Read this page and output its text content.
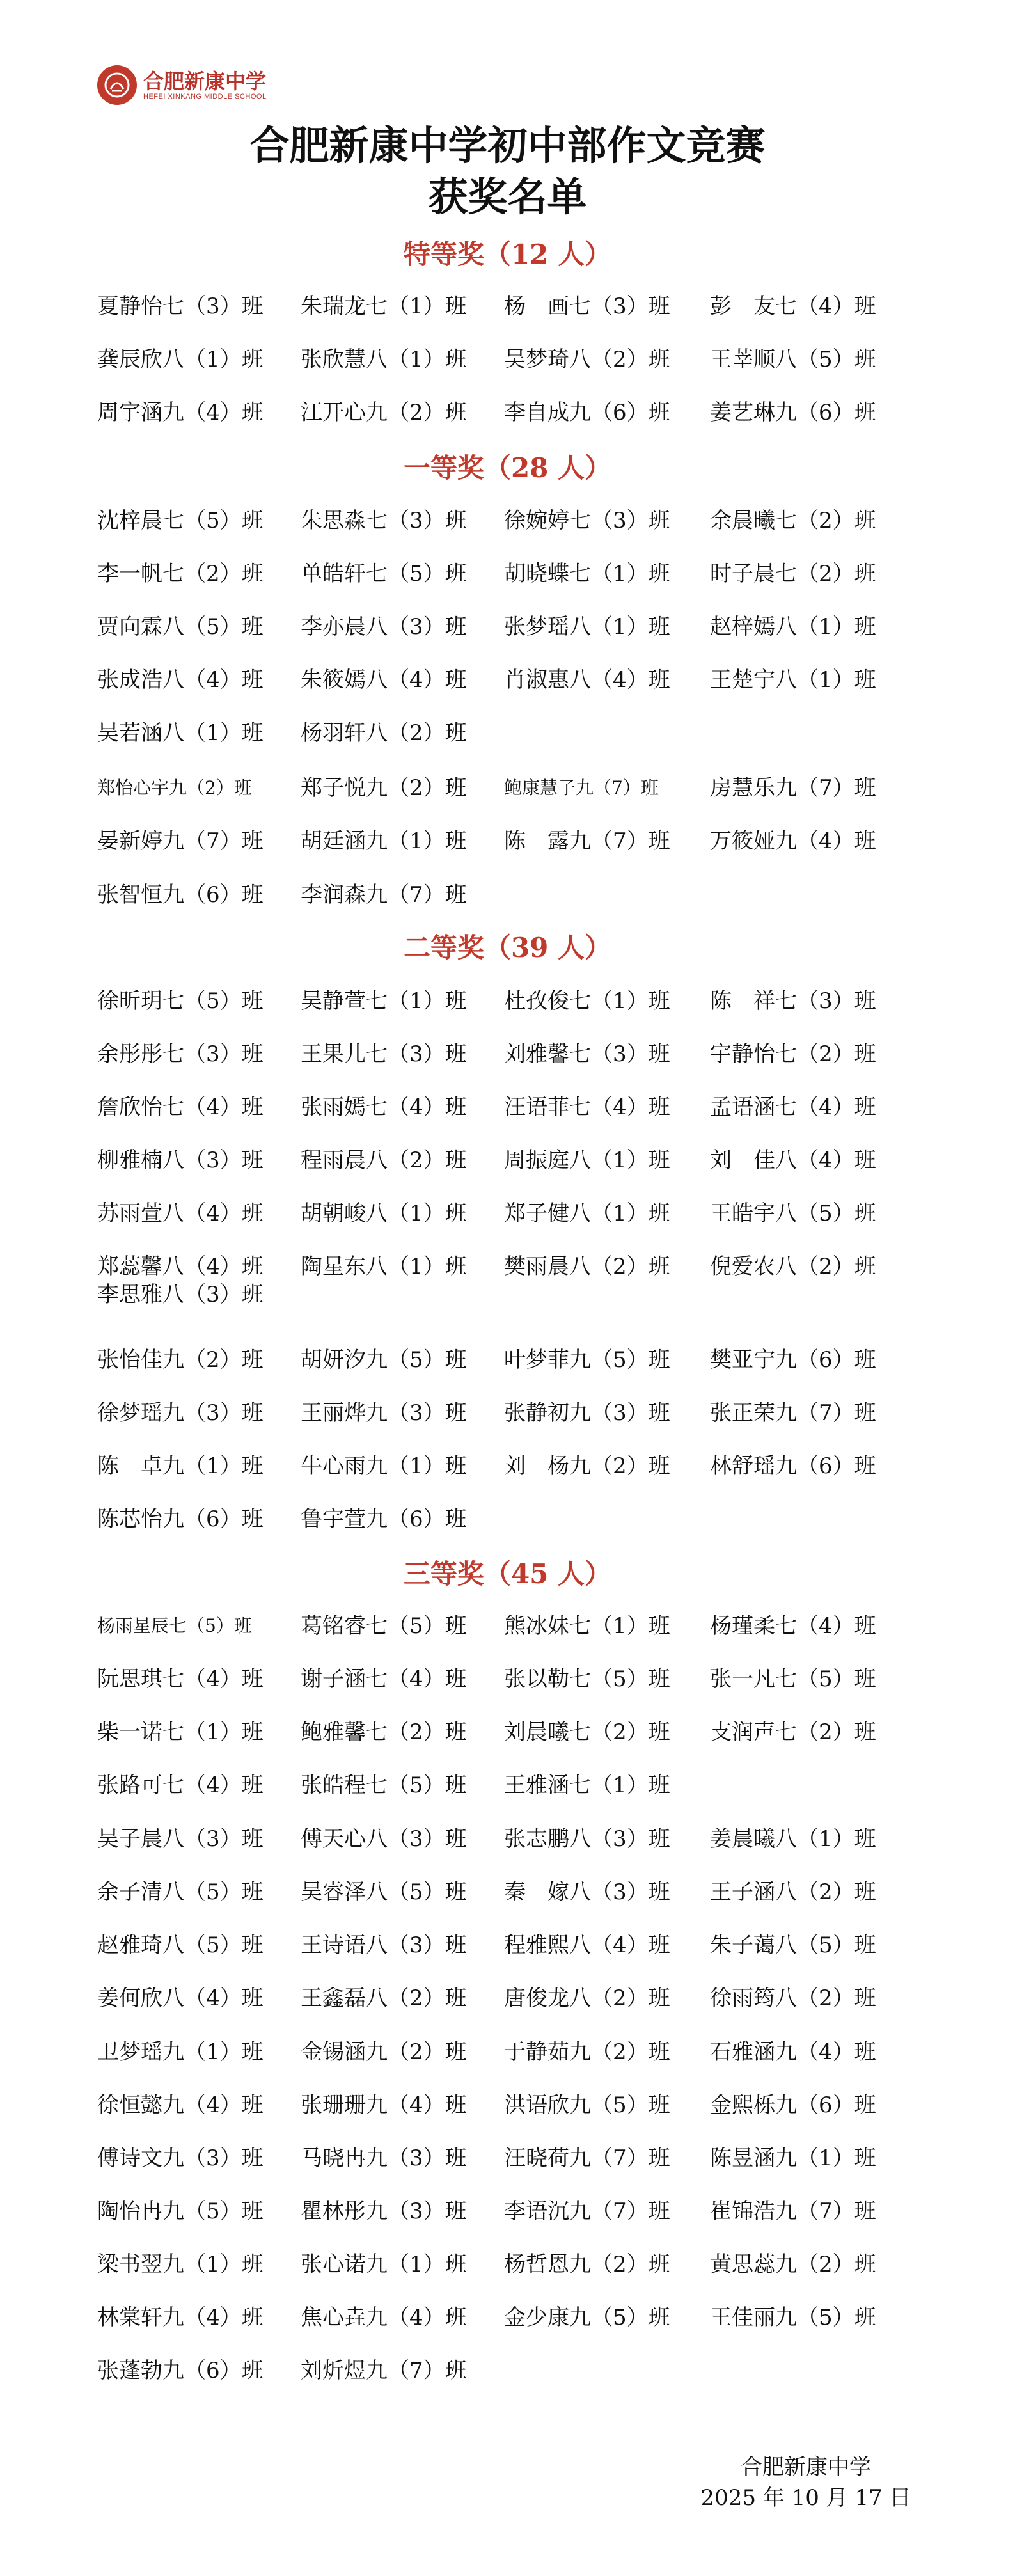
合肥新康中学
HEFEI XINKANG MIDDLE SCHOOL
合肥新康中学初中部作文竞赛
获奖名单
特等奖（12 人）
夏静怡七（3）班 朱瑞龙七（1）班 杨　画七（3）班 彭　友七（4）班
龚辰欣八（1）班 张欣慧八（1）班 吴梦琦八（2）班 王莘顺八（5）班
周宇涵九（4）班 江开心九（2）班 李自成九（6）班 姜艺琳九（6）班
一等奖（28 人）
沈梓晨七（5）班 朱思淼七（3）班 徐婉婷七（3）班 余晨曦七（2）班
李一帆七（2）班 单皓轩七（5）班 胡晓蝶七（1）班 时子晨七（2）班
贾向霖八（5）班 李亦晨八（3）班 张梦瑶八（1）班 赵梓嫣八（1）班
张成浩八（4）班 朱筱嫣八（4）班 肖淑惠八（4）班 王楚宁八（1）班
吴若涵八（1）班 杨羽轩八（2）班
郑怡心宇九（2）班 郑子悦九（2）班 鲍康慧子九（7）班 房慧乐九（7）班
晏新婷九（7）班 胡廷涵九（1）班 陈　露九（7）班 万筱娅九（4）班
张智恒九（6）班 李润森九（7）班
二等奖（39 人）
徐昕玥七（5）班 吴静萱七（1）班 杜孜俊七（1）班 陈　祥七（3）班
余彤彤七（3）班 王果儿七（3）班 刘雅馨七（3）班 宇静怡七（2）班
詹欣怡七（4）班 张雨嫣七（4）班 汪语菲七（4）班 孟语涵七（4）班
柳雅楠八（3）班 程雨晨八（2）班 周振庭八（1）班 刘　佳八（4）班
苏雨萱八（4）班 胡朝峻八（1）班 郑子健八（1）班 王皓宇八（5）班
郑蕊馨八（4）班 陶星东八（1）班 樊雨晨八（2）班 倪爱农八（2）班
李思雅八（3）班
张怡佳九（2）班 胡妍汐九（5）班 叶梦菲九（5）班 樊亚宁九（6）班
徐梦瑶九（3）班 王丽烨九（3）班 张静初九（3）班 张正荣九（7）班
陈　卓九（1）班 牛心雨九（1）班 刘　杨九（2）班 林舒瑶九（6）班
陈芯怡九（6）班 鲁宇萱九（6）班
三等奖（45 人）
杨雨星辰七（5）班 葛铭睿七（5）班 熊冰妹七（1）班 杨瑾柔七（4）班
阮思琪七（4）班 谢子涵七（4）班 张以勒七（5）班 张一凡七（5）班
柴一诺七（1）班 鲍雅馨七（2）班 刘晨曦七（2）班 支润声七（2）班
张路可七（4）班 张皓程七（5）班 王雅涵七（1）班
吴子晨八（3）班 傅天心八（3）班 张志鹏八（3）班 姜晨曦八（1）班
余子清八（5）班 吴睿泽八（5）班 秦　嫁八（3）班 王子涵八（2）班
赵雅琦八（5）班 王诗语八（3）班 程雅熙八（4）班 朱子蔼八（5）班
姜何欣八（4）班 王鑫磊八（2）班 唐俊龙八（2）班 徐雨筠八（2）班
卫梦瑶九（1）班 金锡涵九（2）班 于静茹九（2）班 石雅涵九（4）班
徐恒懿九（4）班 张珊珊九（4）班 洪语欣九（5）班 金熙栎九（6）班
傅诗文九（3）班 马晓冉九（3）班 汪晓荷九（7）班 陈昱涵九（1）班
陶怡冉九（5）班 瞿林彤九（3）班 李语沉九（7）班 崔锦浩九（7）班
梁书翌九（1）班 张心诺九（1）班 杨哲恩九（2）班 黄思蕊九（2）班
林棠轩九（4）班 焦心垚九（4）班 金少康九（5）班 王佳丽九（5）班
张蓬勃九（6）班 刘炘煜九（7）班
合肥新康中学
2025 年 10 月 17 日
